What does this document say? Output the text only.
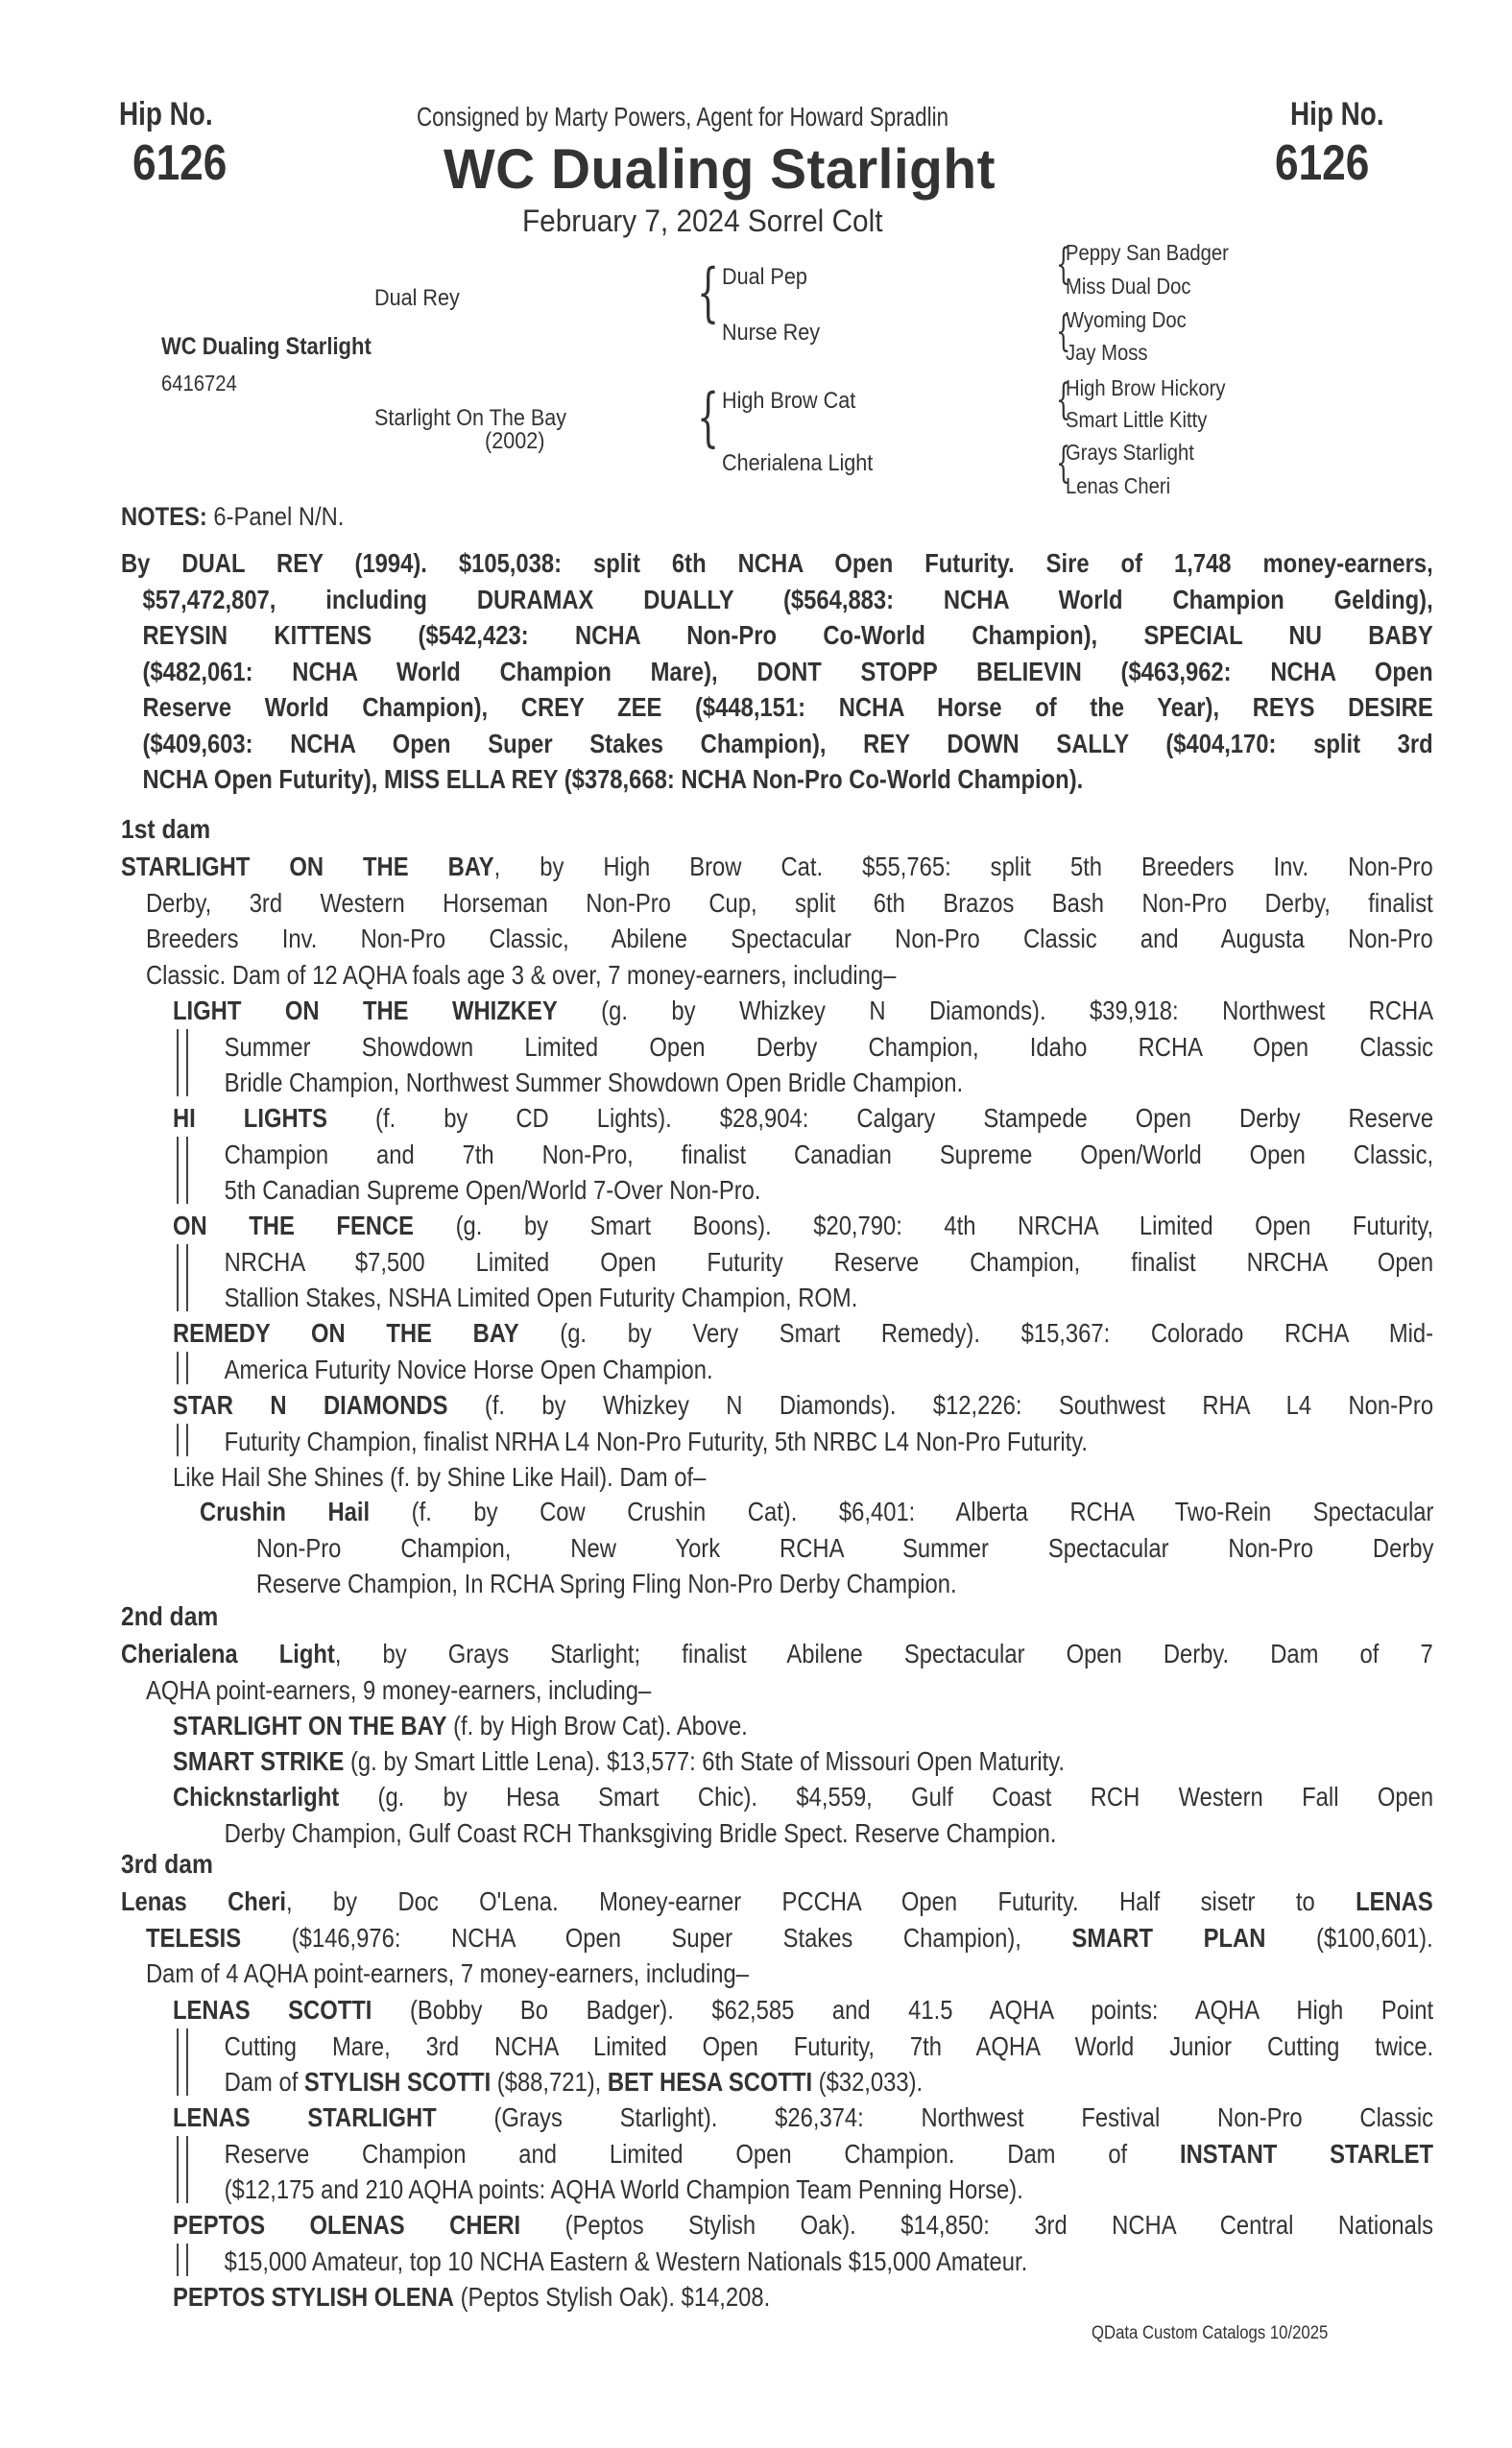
Hip No.
6126
Hip No.
6126
Consigned by Marty Powers, Agent for Howard Spradlin
WC Dualing Starlight
February 7, 2024 Sorrel Colt
Dual Rey
WC Dualing Starlight
6416724
Starlight On The Bay
(2002)
{
{
Dual Pep
Nurse Rey
High Brow Cat
Cherialena Light
{
{
{
{
Peppy San Badger
Miss Dual Doc
Wyoming Doc
Jay Moss
High Brow Hickory
Smart Little Kitty
Grays Starlight
Lenas Cheri
NOTES: 6-Panel N/N.
By DUAL REY (1994). $105,038: split 6th NCHA Open Futurity. Sire of 1,748 money-earners,
$57,472,807, including DURAMAX DUALLY ($564,883: NCHA World Champion Gelding),
REYSIN KITTENS ($542,423: NCHA Non-Pro Co-World Champion), SPECIAL NU BABY
($482,061: NCHA World Champion Mare), DONT STOPP BELIEVIN ($463,962: NCHA Open
Reserve World Champion), CREY ZEE ($448,151: NCHA Horse of the Year), REYS DESIRE
($409,603: NCHA Open Super Stakes Champion), REY DOWN SALLY ($404,170: split 3rd
NCHA Open Futurity), MISS ELLA REY ($378,668: NCHA Non-Pro Co-World Champion).
1st dam
STARLIGHT ON THE BAY, by High Brow Cat. $55,765: split 5th Breeders Inv. Non-Pro
Derby, 3rd Western Horseman Non-Pro Cup, split 6th Brazos Bash Non-Pro Derby, finalist
Breeders Inv. Non-Pro Classic, Abilene Spectacular Non-Pro Classic and Augusta Non-Pro
Classic. Dam of 12 AQHA foals age 3 & over, 7 money-earners, including–
LIGHT ON THE WHIZKEY (g. by Whizkey N Diamonds). $39,918: Northwest RCHA
Summer Showdown Limited Open Derby Champion, Idaho RCHA Open Classic
Bridle Champion, Northwest Summer Showdown Open Bridle Champion.
HI LIGHTS (f. by CD Lights). $28,904: Calgary Stampede Open Derby Reserve
Champion and 7th Non-Pro, finalist Canadian Supreme Open/World Open Classic,
5th Canadian Supreme Open/World 7-Over Non-Pro.
ON THE FENCE (g. by Smart Boons). $20,790: 4th NRCHA Limited Open Futurity,
NRCHA $7,500 Limited Open Futurity Reserve Champion, finalist NRCHA Open
Stallion Stakes, NSHA Limited Open Futurity Champion, ROM.
REMEDY ON THE BAY (g. by Very Smart Remedy). $15,367: Colorado RCHA Mid-
America Futurity Novice Horse Open Champion.
STAR N DIAMONDS (f. by Whizkey N Diamonds). $12,226: Southwest RHA L4 Non-Pro
Futurity Champion, finalist NRHA L4 Non-Pro Futurity, 5th NRBC L4 Non-Pro Futurity.
Like Hail She Shines (f. by Shine Like Hail). Dam of–
Crushin Hail (f. by Cow Crushin Cat). $6,401: Alberta RCHA Two-Rein Spectacular
Non-Pro Champion, New York RCHA Summer Spectacular Non-Pro Derby
Reserve Champion, In RCHA Spring Fling Non-Pro Derby Champion.
2nd dam
Cherialena Light, by Grays Starlight; finalist Abilene Spectacular Open Derby. Dam of 7
AQHA point-earners, 9 money-earners, including–
STARLIGHT ON THE BAY (f. by High Brow Cat). Above.
SMART STRIKE (g. by Smart Little Lena). $13,577: 6th State of Missouri Open Maturity.
Chicknstarlight (g. by Hesa Smart Chic). $4,559, Gulf Coast RCH Western Fall Open
Derby Champion, Gulf Coast RCH Thanksgiving Bridle Spect. Reserve Champion.
3rd dam
Lenas Cheri, by Doc O'Lena. Money-earner PCCHA Open Futurity. Half sisetr to LENAS
TELESIS ($146,976: NCHA Open Super Stakes Champion), SMART PLAN ($100,601).
Dam of 4 AQHA point-earners, 7 money-earners, including–
LENAS SCOTTI (Bobby Bo Badger). $62,585 and 41.5 AQHA points: AQHA High Point
Cutting Mare, 3rd NCHA Limited Open Futurity, 7th AQHA World Junior Cutting twice.
Dam of STYLISH SCOTTI ($88,721), BET HESA SCOTTI ($32,033).
LENAS STARLIGHT (Grays Starlight). $26,374: Northwest Festival Non-Pro Classic
Reserve Champion and Limited Open Champion. Dam of INSTANT STARLET
($12,175 and 210 AQHA points: AQHA World Champion Team Penning Horse).
PEPTOS OLENAS CHERI (Peptos Stylish Oak). $14,850: 3rd NCHA Central Nationals
$15,000 Amateur, top 10 NCHA Eastern & Western Nationals $15,000 Amateur.
PEPTOS STYLISH OLENA (Peptos Stylish Oak). $14,208.
QData Custom Catalogs 10/2025
